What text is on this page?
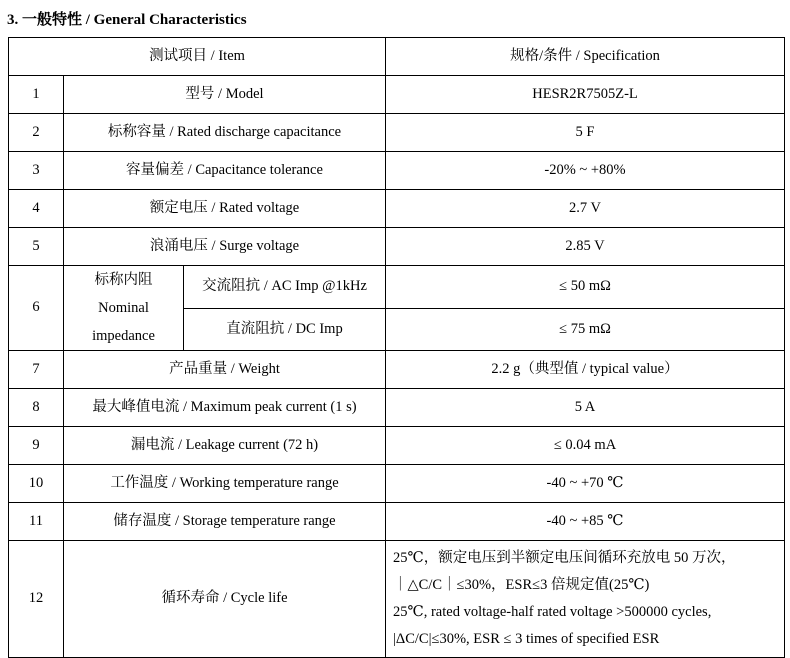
3. 一般特性 / General Characteristics
测试项目 / Item			规格/条件 / Specification
1	型号 / Model		HESR2R7505Z-L
2	标称容量 / Rated discharge capacitance		5 F
3	容量偏差 / Capacitance tolerance		-20% ~ +80%
4	额定电压 / Rated voltage		2.7 V
5	浪涌电压 / Surge voltage		2.85 V
6	标称内阻
Nominal
impedance	交流阻抗 / AC Imp @1kHz	≤ 50 mΩ
		直流阻抗 / DC Imp	≤ 75 mΩ
7	产品重量 / Weight		2.2 g（典型值 / typical value）
8	最大峰值电流 / Maximum peak current (1 s)		5 A
9	漏电流 / Leakage current (72 h)		≤ 0.04 mA
10	工作温度 / Working temperature range		-40 ~ +70 ℃
11	储存温度 / Storage temperature range		-40 ~ +85 ℃
12	循环寿命 / Cycle life		25℃，额定电压到半额定电压间循环充放电 50 万次，
｜△C/C｜≤30%，ESR≤3 倍规定值(25℃)
25℃, rated voltage-half rated voltage >500000 cycles,
|ΔC/C|≤30%, ESR ≤ 3 times of specified ESR
